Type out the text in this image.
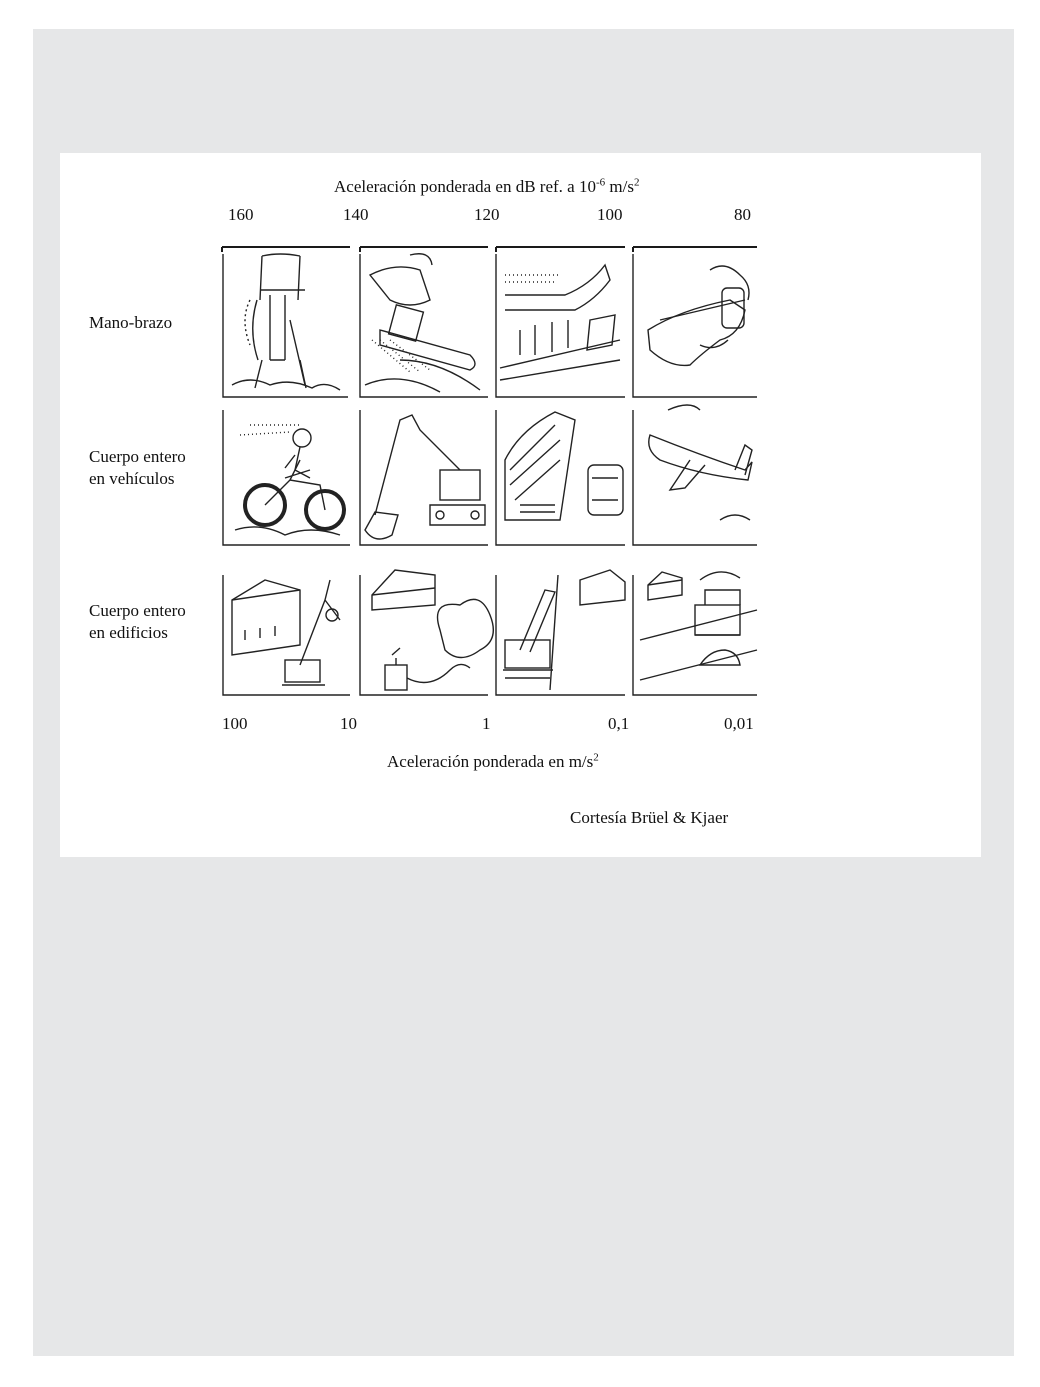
Aceleración ponderada en dB ref. a $10^{-6}$ $m/s^2$
160	140	120	100	80
Mano-brazo
Cuerpo entero
en vehículos
Cuerpo entero
en edificios
100	10	1	0,1	0,01
Aceleración ponderada en $m/s^2$
Cortesía Brüel & Kjaer
